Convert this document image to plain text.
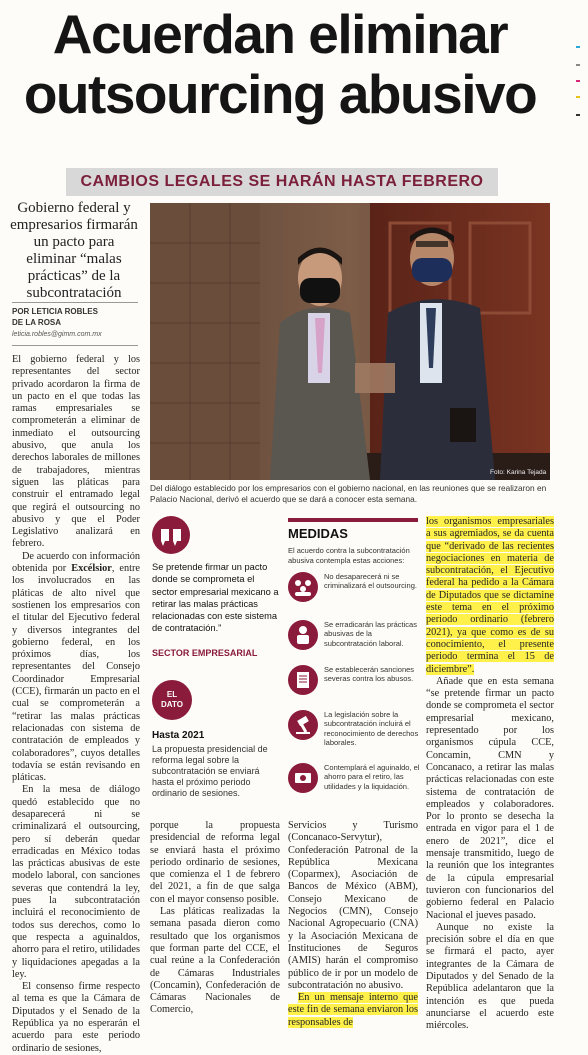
Acuerdan eliminar
outsourcing abusivo
CAMBIOS LEGALES SE HARÁN HASTA FEBRERO
Gobierno federal y empresarios firmarán un pacto para eliminar “malas prácticas” de la subcontratación
POR LETICIA ROBLES
DE LA ROSA
leticia.robles@gimm.com.mx

El gobierno federal y los representantes del sector privado acordaron la firma de un pacto en el que todas las ramas empresariales se comprometerán a eliminar de inmediato el outsourcing abusivo, que anula los derechos laborales de millones de trabajadores, mientras siguen las pláticas para construir el entramado legal que regirá el outsourcing no abusivo y que el Poder Legislativo analizará en febrero.

De acuerdo con información obtenida por Excélsior, entre los involucrados en las pláticas de alto nivel que sostienen los empresarios con el titular del Ejecutivo federal y diversos integrantes del gobierno federal, en los próximos días, los representantes del Consejo Coordinador Empresarial (CCE), firmarán un pacto en el cual se comprometerán a “retirar las malas prácticas relacionadas con sistema de contratación de empleados y colaboradores”, cuyos detalles todavía se están revisando en pláticas.

En la mesa de diálogo quedó establecido que no desaparecerá ni se criminalizará el outsourcing, pero sí deberán quedar erradicadas en México todas las prácticas abusivas de este modelo laboral, con sanciones severas que contendrá la ley, pues la subcontratación incluirá el reconocimiento de todos sus derechos, como lo que respecta a aguinaldos, ahorro para el retiro, utilidades y liquidaciones apegadas a la ley.

El consenso firme respecto al tema es que la Cámara de Diputados y el Senado de la República ya no esperarán el acuerdo para este periodo ordinario de sesiones,

Foto: Karina Tejada
Del diálogo establecido por los empresarios con el gobierno nacional, en las reuniones que se realizaron en Palacio Nacional, derivó el acuerdo que se dará a conocer esta semana.
Se pretende firmar un pacto donde se comprometa el sector empresarial mexicano a retirar las malas prácticas relacionadas con este sistema de contratación.”
SECTOR EMPRESARIAL
EL
DATO
Hasta 2021
La propuesta presidencial de reforma legal sobre la subcontratación se enviará hasta el próximo periodo ordinario de sesiones.

porque la propuesta presidencial de reforma legal se enviará hasta el próximo periodo ordinario de sesiones, que comienza el 1 de febrero del 2021, a fin de que salga con el mayor consenso posible.

Las pláticas realizadas la semana pasada dieron como resultado que los organismos que forman parte del CCE, el cual reúne a la Confederación de Cámaras Industriales (Concamin), Confederación de Cámaras Nacionales de Comercio,

MEDIDAS
El acuerdo contra la subcontratación abusiva contempla estas acciones:
No desaparecerá ni se criminalizará el outsourcing.
Se erradicarán las prácticas abusivas de la subcontratación laboral.
Se establecerán sanciones severas contra los abusos.
La legislación sobre la subcontratación incluirá el reconocimiento de derechos laborales.
Contemplará el aguinaldo, el ahorro para el retiro, las utilidades y la liquidación.

Servicios y Turismo (Concanaco-Servytur), Confederación Patronal de la República Mexicana (Coparmex), Asociación de Bancos de México (ABM), Consejo Mexicano de Negocios (CMN), Consejo Nacional Agropecuario (CNA) y la Asociación Mexicana de Instituciones de Seguros (AMIS) harán el compromiso público de ir por un modelo de subcontratación no abusivo.

En un mensaje interno que este fin de semana enviaron los responsables de

los organismos empresariales a sus agremiados, se da cuenta que “derivado de las recientes negociaciones en materia de subcontratación, el Ejecutivo federal ha pedido a la Cámara de Diputados que se dictamine este tema en el próximo periodo ordinario (febrero 2021), ya que como es de su conocimiento, el presente periodo termina el 15 de diciembre”.

Añade que en esta semana “se pretende firmar un pacto donde se comprometa el sector empresarial mexicano, representado por los organismos cúpula CCE, Concamin, CMN y Concanaco, a retirar las malas prácticas relacionadas con este sistema de contratación de empleados y colaboradores. Por lo pronto se desecha la entrada en vigor para el 1 de enero de 2021”, dice el mensaje transmitido, luego de la reunión que los integrantes de la cúpula empresarial tuvieron con funcionarios del gobierno federal en Palacio Nacional el jueves pasado.

Aunque no existe la precisión sobre el día en que se firmará el pacto, ayer integrantes de la Cámara de Diputados y del Senado de la República adelantaron que la intención es que pueda anunciarse el acuerdo este miércoles.
